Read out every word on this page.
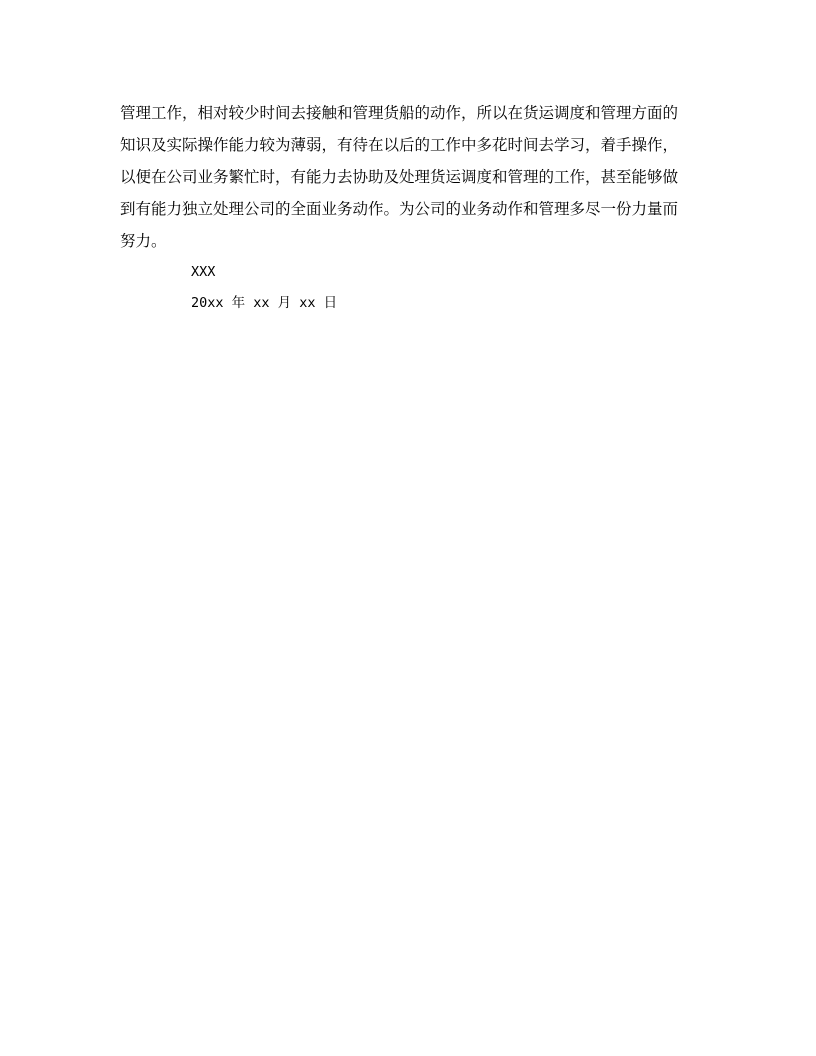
管理工作，相对较少时间去接触和管理货船的动作，所以在货运调度和管理方面的
知识及实际操作能力较为薄弱，有待在以后的工作中多花时间去学习，着手操作，
以便在公司业务繁忙时，有能力去协助及处理货运调度和管理的工作，甚至能够做
到有能力独立处理公司的全面业务动作。为公司的业务动作和管理多尽一份力量而
努力。

XXX
20xx 年 xx 月 xx 日
